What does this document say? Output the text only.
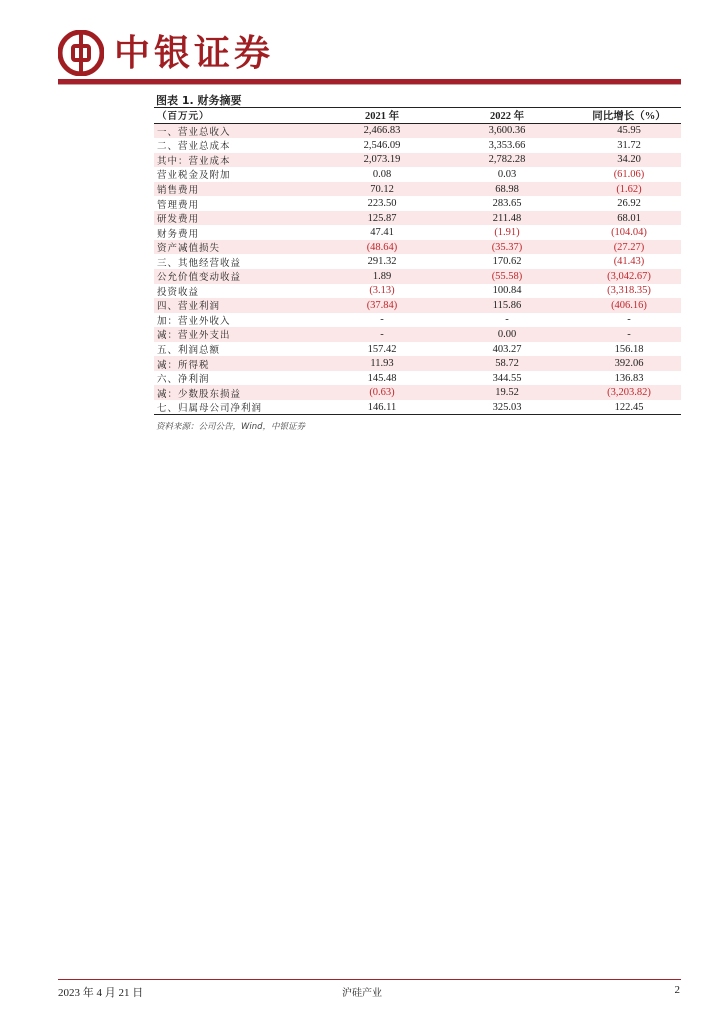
中银证券
图表 1. 财务摘要
（百万元）	2021 年	2022 年	同比增长（%）
一、营业总收入	2,466.83	3,600.36	45.95
二、营业总成本	2,546.09	3,353.66	31.72
其中：营业成本	2,073.19	2,782.28	34.20
营业税金及附加	0.08	0.03	(61.06)
销售费用	70.12	68.98	(1.62)
管理费用	223.50	283.65	26.92
研发费用	125.87	211.48	68.01
财务费用	47.41	(1.91)	(104.04)
资产减值损失	(48.64)	(35.37)	(27.27)
三、其他经营收益	291.32	170.62	(41.43)
公允价值变动收益	1.89	(55.58)	(3,042.67)
投资收益	(3.13)	100.84	(3,318.35)
四、营业利润	(37.84)	115.86	(406.16)
加：营业外收入	-	-	-
减：营业外支出	-	0.00	-
五、利润总额	157.42	403.27	156.18
减：所得税	11.93	58.72	392.06
六、净利润	145.48	344.55	136.83
减：少数股东损益	(0.63)	19.52	(3,203.82)
七、归属母公司净利润	146.11	325.03	122.45
资料来源：公司公告，Wind，中银证券
2023 年 4 月 21 日	沪硅产业	2
